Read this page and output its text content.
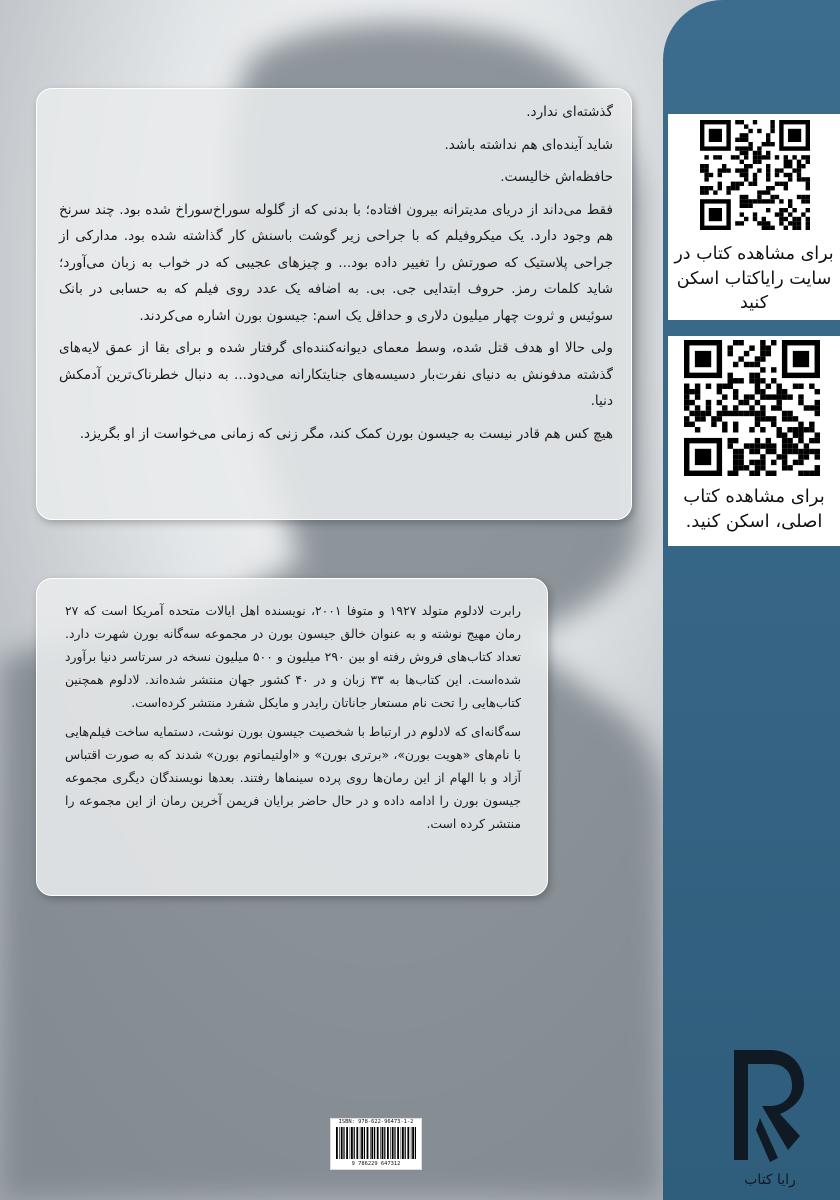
گذشته‌ای ندارد.

شاید آینده‌ای هم نداشته باشد.

حافظه‌اش خالیست.

فقط می‌داند از دریای مدیترانه بیرون افتاده؛ با بدنی که از گلوله سوراخ‌سوراخ شده بود. چند سرنخ هم وجود دارد. یک میکروفیلم که با جراحی زیر گوشت باسنش کار گذاشته شده بود. مدارکی از جراحی پلاستیک که صورتش را تغییر داده بود... و چیزهای عجیبی که در خواب به زبان می‌آورد؛ شاید کلمات رمز. حروف ابتدایی جی. بی. به اضافه یک عدد روی فیلم که به حسابی در بانک سوئیس و ثروت چهار میلیون دلاری و حداقل یک اسم: جیسون بورن اشاره می‌کردند.

ولی حالا او هدف قتل شده، وسط معمای دیوانه‌کننده‌ای گرفتار شده و برای بقا از عمق لایه‌های گذشته مدفونش به دنیای نفرت‌بار دسیسه‌های جنایتکارانه می‌دود... به دنبال خطرناک‌ترین آدمکش دنیا.

هیچ کس هم قادر نیست به جیسون بورن کمک کند، مگر زنی که زمانی می‌خواست از او بگریزد.

رابرت لادلوم متولد ۱۹۲۷ و متوفا ۲۰۰۱، نویسنده اهل ایالات متحده آمریکا است که ۲۷ رمان مهیج نوشته و به عنوان خالق جیسون بورن در مجموعه سه‌گانه بورن شهرت دارد. تعداد کتاب‌های فروش رفته او بین ۲۹۰ میلیون و ۵۰۰ میلیون نسخه در سرتاسر دنیا برآورد شده‌است. این کتاب‌ها به ۳۳ زبان و در ۴۰ کشور جهان منتشر شده‌اند. لادلوم همچنین کتاب‌هایی را تحت نام مستعار جاناتان رایدر و مایکل شفرد منتشر کرده‌است.

سه‌گانه‌ای که لادلوم در ارتباط با شخصیت جیسون بورن نوشت، دستمایه ساخت فیلم‌هایی با نام‌های «هویت بورن»، «برتری بورن» و «اولتیماتوم بورن» شدند که به صورت اقتباس آزاد و با الهام از این رمان‌ها روی پرده سینماها رفتند. بعدها نویسندگان دیگری مجموعه جیسون بورن را ادامه داده و در حال حاضر برایان فریمن آخرین رمان از این مجموعه را منتشر کرده است.

برای مشاهده کتاب در سایت رایاکتاب اسکن کنید
برای مشاهده کتاب اصلی، اسکن کنید.
رایا کتاب
ISBN: 978-622-96473-1-2
9 786229 647312
